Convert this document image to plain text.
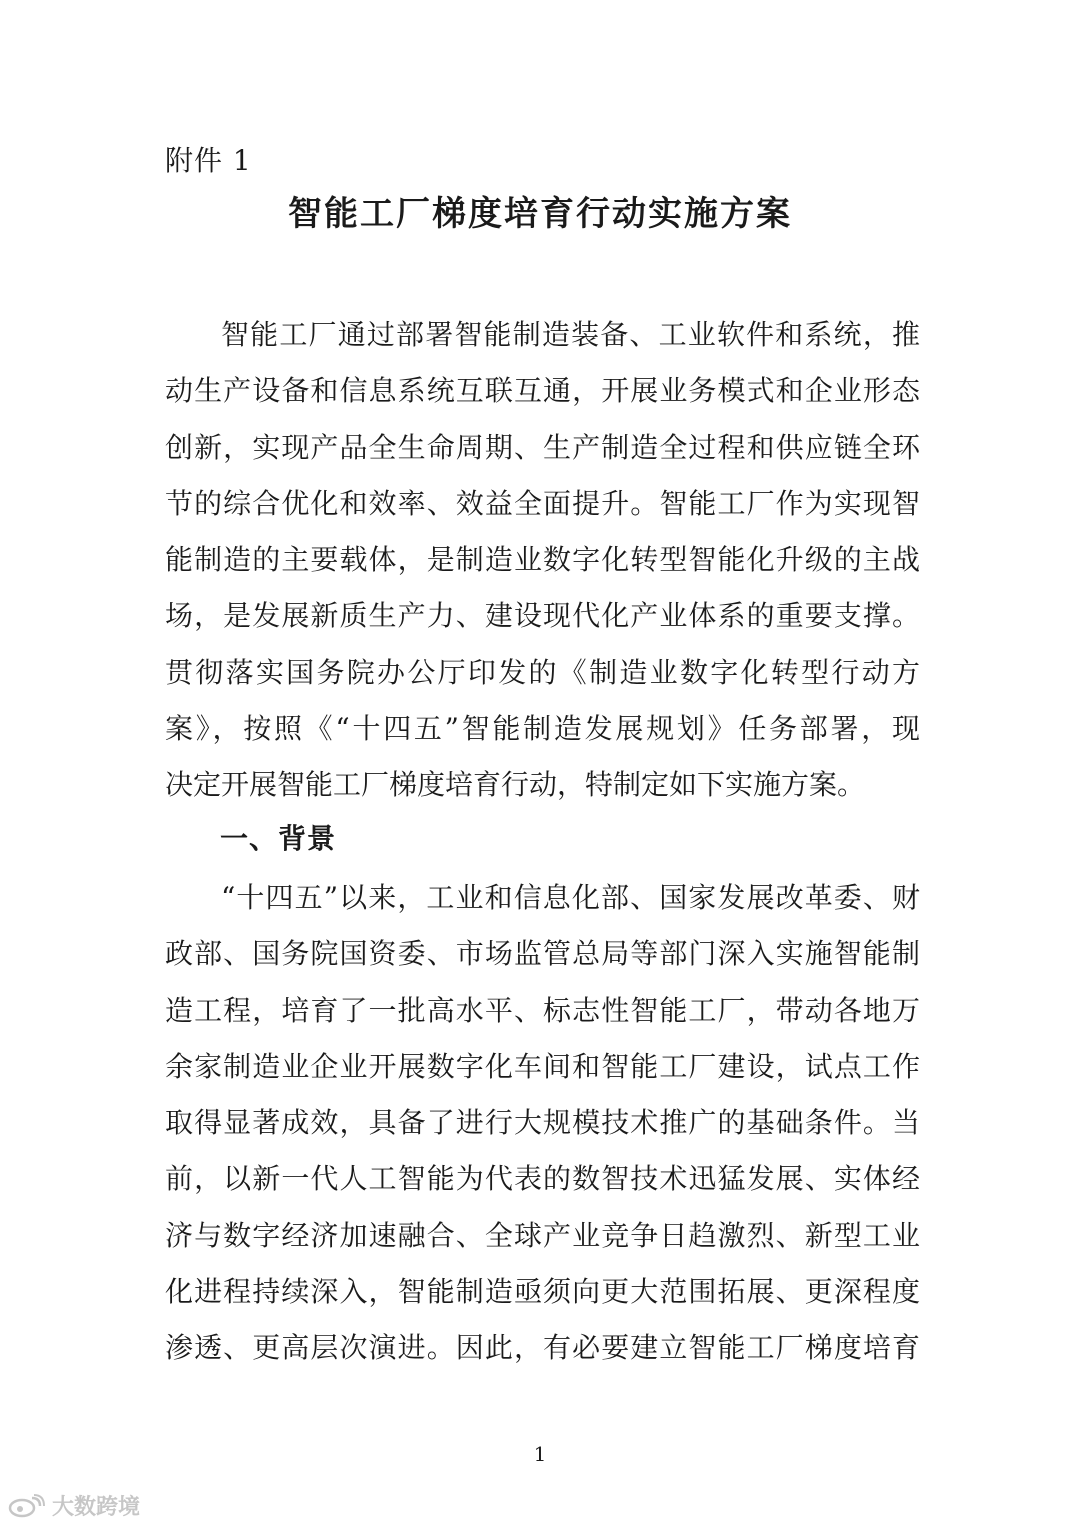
附件 1
智能工厂梯度培育行动实施方案
智能工厂通过部署智能制造装备、工业软件和系统，推
动生产设备和信息系统互联互通，开展业务模式和企业形态
创新，实现产品全生命周期、生产制造全过程和供应链全环
节的综合优化和效率、效益全面提升。智能工厂作为实现智
能制造的主要载体，是制造业数字化转型智能化升级的主战
场，是发展新质生产力、建设现代化产业体系的重要支撑。
贯彻落实国务院办公厅印发的《制造业数字化转型行动方
案》，按照《“十四五”智能制造发展规划》任务部署，现
决定开展智能工厂梯度培育行动，特制定如下实施方案。
一、背景
“十四五”以来，工业和信息化部、国家发展改革委、财
政部、国务院国资委、市场监管总局等部门深入实施智能制
造工程，培育了一批高水平、标志性智能工厂，带动各地万
余家制造业企业开展数字化车间和智能工厂建设，试点工作
取得显著成效，具备了进行大规模技术推广的基础条件。当
前，以新一代人工智能为代表的数智技术迅猛发展、实体经
济与数字经济加速融合、全球产业竞争日趋激烈、新型工业
化进程持续深入，智能制造亟须向更大范围拓展、更深程度
渗透、更高层次演进。因此，有必要建立智能工厂梯度培育
1
大数跨境
